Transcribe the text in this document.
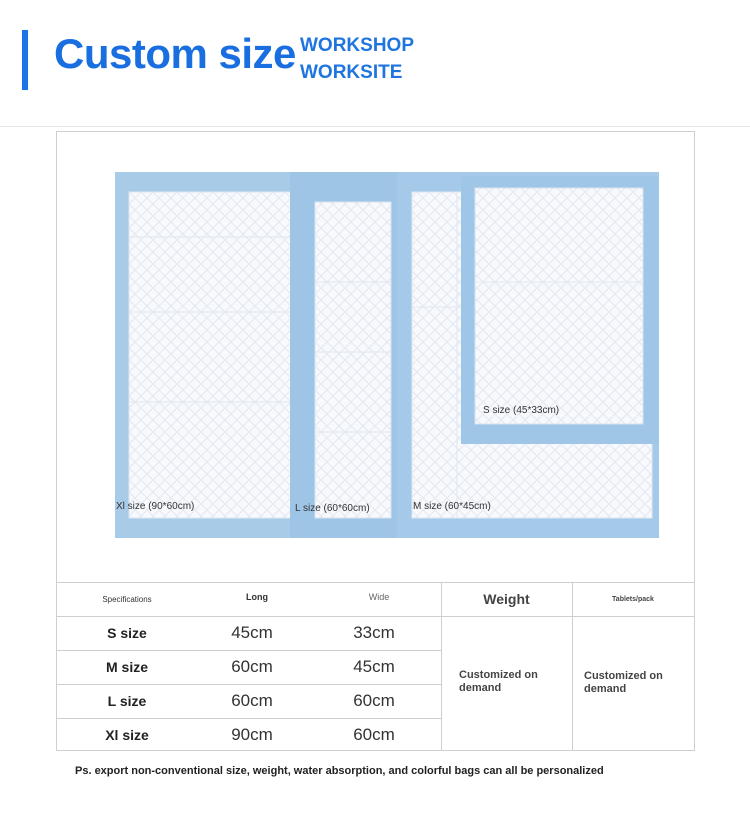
Custom size WORKSHOP
WORKSITE
Xl size (90*60cm)	L size (60*60cm)	M size (60*45cm)
S size (45*33cm)
Specifications	Long	Wide	Weight	Tablets/pack
S size	45cm	33cm
M size	60cm	45cm
L size	60cm	60cm
Xl size	90cm	60cm
Customized on demand
Customized on demand
Ps. export non-conventional size, weight, water absorption, and colorful bags can all be personalized
